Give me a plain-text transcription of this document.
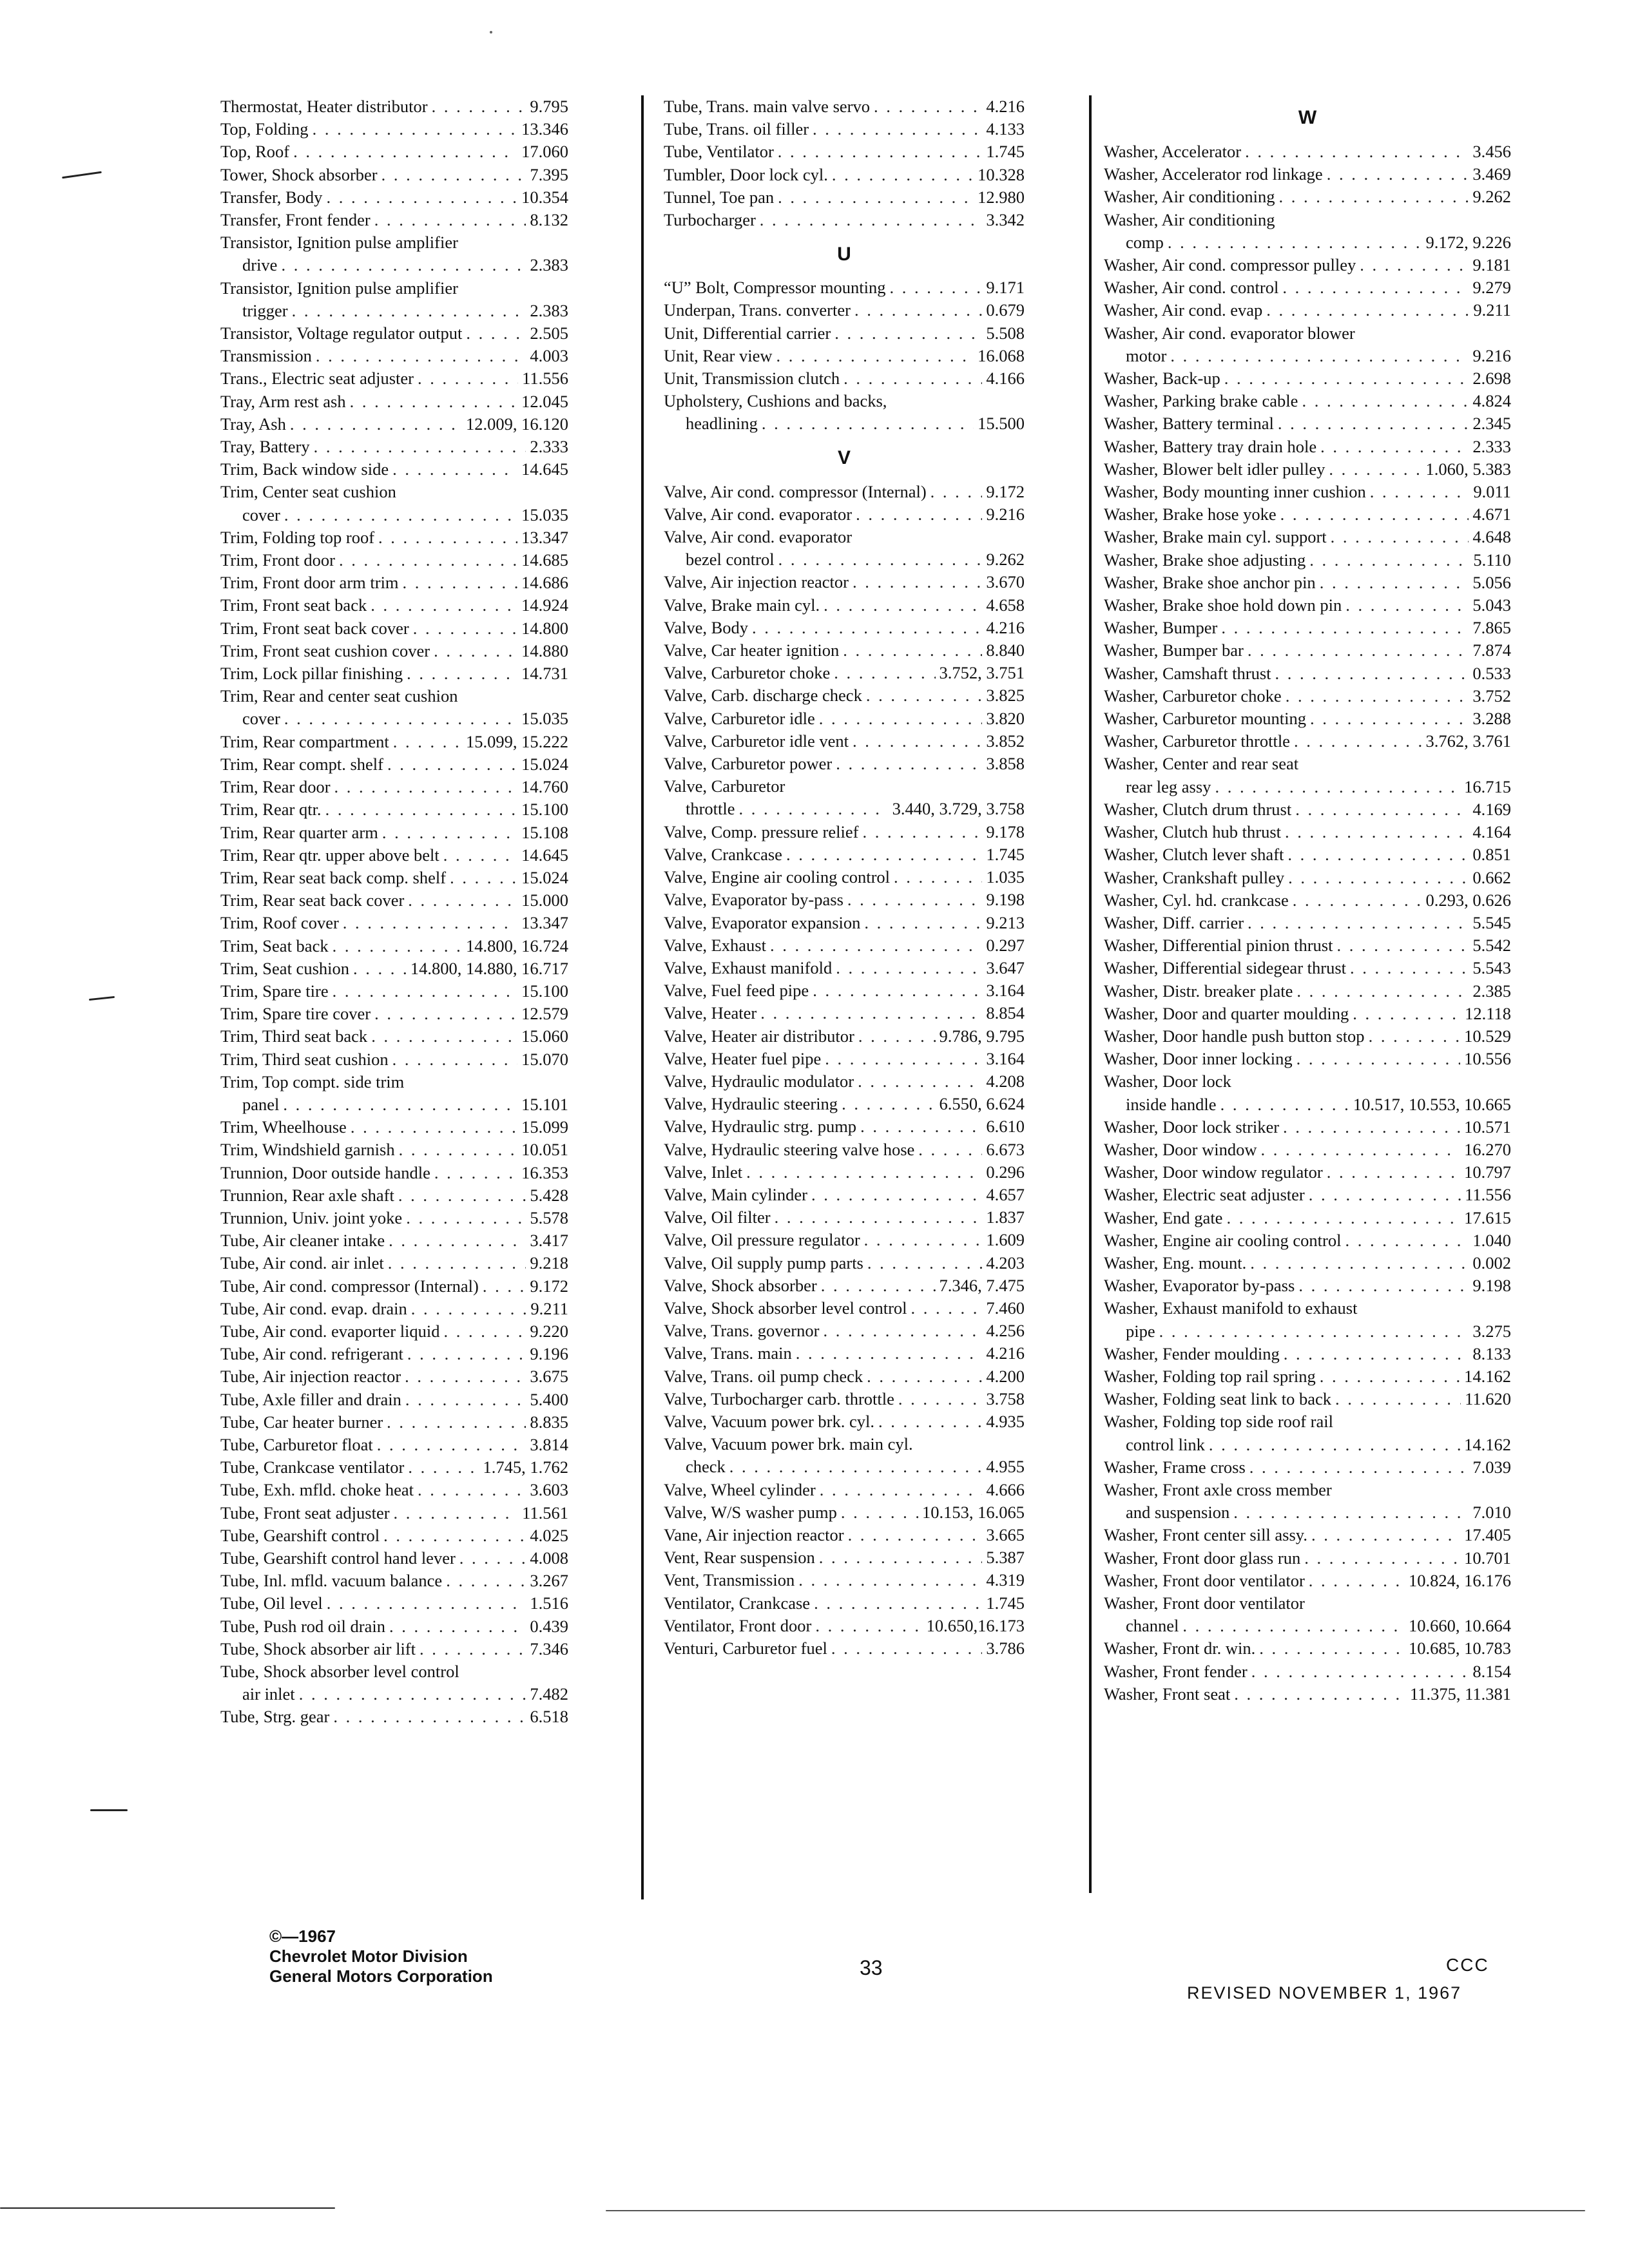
Thermostat, Heater distributor . . .	9.795
Top, Folding . . .	13.346
Top, Roof . . .	17.060
Tower, Shock absorber . . .	7.395
Transfer, Body . . .	10.354
Transfer, Front fender . . .	8.132
Transistor, Ignition pulse amplifier
drive . . .	2.383
Transistor, Ignition pulse amplifier
trigger . . .	2.383
Transistor, Voltage regulator output . . .	2.505
Transmission . . .	4.003
Trans., Electric seat adjuster . . .	11.556
Tray, Arm rest ash . . .	12.045
Tray, Ash . . .	12.009, 16.120
Tray, Battery . . .	2.333
Trim, Back window side . . .	14.645
Trim, Center seat cushion
cover . . .	15.035
Trim, Folding top roof . . .	13.347
Trim, Front door . . .	14.685
Trim, Front door arm trim . . .	14.686
Trim, Front seat back . . .	14.924
Trim, Front seat back cover . . .	14.800
Trim, Front seat cushion cover . . .	14.880
Trim, Lock pillar finishing . . .	14.731
Trim, Rear and center seat cushion
cover . . .	15.035
Trim, Rear compartment . . .	15.099, 15.222
Trim, Rear compt. shelf . . .	15.024
Trim, Rear door . . .	14.760
Trim, Rear qtr. . . .	15.100
Trim, Rear quarter arm . . .	15.108
Trim, Rear qtr. upper above belt . . .	14.645
Trim, Rear seat back comp. shelf . . .	15.024
Trim, Rear seat back cover . . .	15.000
Trim, Roof cover . . .	13.347
Trim, Seat back . . .	14.800, 16.724
Trim, Seat cushion . . .	14.800, 14.880, 16.717
Trim, Spare tire . . .	15.100
Trim, Spare tire cover . . .	12.579
Trim, Third seat back . . .	15.060
Trim, Third seat cushion . . .	15.070
Trim, Top compt. side trim
panel . . .	15.101
Trim, Wheelhouse . . .	15.099
Trim, Windshield garnish . . .	10.051
Trunnion, Door outside handle . . .	16.353
Trunnion, Rear axle shaft . . .	5.428
Trunnion, Univ. joint yoke . . .	5.578
Tube, Air cleaner intake . . .	3.417
Tube, Air cond. air inlet . . .	9.218
Tube, Air cond. compressor (Internal) . . .	9.172
Tube, Air cond. evap. drain . . .	9.211
Tube, Air cond. evaporter liquid . . .	9.220
Tube, Air cond. refrigerant . . .	9.196
Tube, Air injection reactor . . .	3.675
Tube, Axle filler and drain . . .	5.400
Tube, Car heater burner . . .	8.835
Tube, Carburetor float . . .	3.814
Tube, Crankcase ventilator . . .	1.745, 1.762
Tube, Exh. mfld. choke heat . . .	3.603
Tube, Front seat adjuster . . .	11.561
Tube, Gearshift control . . .	4.025
Tube, Gearshift control hand lever . . .	4.008
Tube, Inl. mfld. vacuum balance . . .	3.267
Tube, Oil level . . .	1.516
Tube, Push rod oil drain . . .	0.439
Tube, Shock absorber air lift . . .	7.346
Tube, Shock absorber level control
air inlet . . .	7.482
Tube, Strg. gear . . .	6.518
Tube, Trans. main valve servo . . .	4.216
Tube, Trans. oil filler . . .	4.133
Tube, Ventilator . . .	1.745
Tumbler, Door lock cyl. . . .	10.328
Tunnel, Toe pan . . .	12.980
Turbocharger . . .	3.342
U
“U” Bolt, Compressor mounting . . .	9.171
Underpan, Trans. converter . . .	0.679
Unit, Differential carrier . . .	5.508
Unit, Rear view . . .	16.068
Unit, Transmission clutch . . .	4.166
Upholstery, Cushions and backs,
headlining . . .	15.500
V
Valve, Air cond. compressor (Internal) . . .	9.172
Valve, Air cond. evaporator . . .	9.216
Valve, Air cond. evaporator
bezel control . . .	9.262
Valve, Air injection reactor . . .	3.670
Valve, Brake main cyl. . . .	4.658
Valve, Body . . .	4.216
Valve, Car heater ignition . . .	8.840
Valve, Carburetor choke . . .	3.752, 3.751
Valve, Carb. discharge check . . .	3.825
Valve, Carburetor idle . . .	3.820
Valve, Carburetor idle vent . . .	3.852
Valve, Carburetor power . . .	3.858
Valve, Carburetor
throttle . . .	3.440, 3.729, 3.758
Valve, Comp. pressure relief . . .	9.178
Valve, Crankcase . . .	1.745
Valve, Engine air cooling control . . .	1.035
Valve, Evaporator by-pass . . .	9.198
Valve, Evaporator expansion . . .	9.213
Valve, Exhaust . . .	0.297
Valve, Exhaust manifold . . .	3.647
Valve, Fuel feed pipe . . .	3.164
Valve, Heater . . .	8.854
Valve, Heater air distributor . . .	9.786, 9.795
Valve, Heater fuel pipe . . .	3.164
Valve, Hydraulic modulator . . .	4.208
Valve, Hydraulic steering . . .	6.550, 6.624
Valve, Hydraulic strg. pump . . .	6.610
Valve, Hydraulic steering valve hose . . .	6.673
Valve, Inlet . . .	0.296
Valve, Main cylinder . . .	4.657
Valve, Oil filter . . .	1.837
Valve, Oil pressure regulator . . .	1.609
Valve, Oil supply pump parts . . .	4.203
Valve, Shock absorber . . .	7.346, 7.475
Valve, Shock absorber level control . . .	7.460
Valve, Trans. governor . . .	4.256
Valve, Trans. main . . .	4.216
Valve, Trans. oil pump check . . .	4.200
Valve, Turbocharger carb. throttle . . .	3.758
Valve, Vacuum power brk. cyl. . . .	4.935
Valve, Vacuum power brk. main cyl.
check . . .	4.955
Valve, Wheel cylinder . . .	4.666
Valve, W/S washer pump . . .	10.153, 16.065
Vane, Air injection reactor . . .	3.665
Vent, Rear suspension . . .	5.387
Vent, Transmission . . .	4.319
Ventilator, Crankcase . . .	1.745
Ventilator, Front door . . .	10.650,16.173
Venturi, Carburetor fuel . . .	3.786
W
Washer, Accelerator . . .	3.456
Washer, Accelerator rod linkage . . .	3.469
Washer, Air conditioning . . .	9.262
Washer, Air conditioning
comp . . .	9.172, 9.226
Washer, Air cond. compressor pulley . . .	9.181
Washer, Air cond. control . . .	9.279
Washer, Air cond. evap . . .	9.211
Washer, Air cond. evaporator blower
motor . . .	9.216
Washer, Back-up . . .	2.698
Washer, Parking brake cable . . .	4.824
Washer, Battery terminal . . .	2.345
Washer, Battery tray drain hole . . .	2.333
Washer, Blower belt idler pulley . . .	1.060, 5.383
Washer, Body mounting inner cushion . . .	9.011
Washer, Brake hose yoke . . .	4.671
Washer, Brake main cyl. support . . .	4.648
Washer, Brake shoe adjusting . . .	5.110
Washer, Brake shoe anchor pin . . .	5.056
Washer, Brake shoe hold down pin . . .	5.043
Washer, Bumper . . .	7.865
Washer, Bumper bar . . .	7.874
Washer, Camshaft thrust . . .	0.533
Washer, Carburetor choke . . .	3.752
Washer, Carburetor mounting . . .	3.288
Washer, Carburetor throttle . . .	3.762, 3.761
Washer, Center and rear seat
rear leg assy . . .	16.715
Washer, Clutch drum thrust . . .	4.169
Washer, Clutch hub thrust . . .	4.164
Washer, Clutch lever shaft . . .	0.851
Washer, Crankshaft pulley . . .	0.662
Washer, Cyl. hd. crankcase . . .	0.293, 0.626
Washer, Diff. carrier . . .	5.545
Washer, Differential pinion thrust . . .	5.542
Washer, Differential sidegear thrust . . .	5.543
Washer, Distr. breaker plate . . .	2.385
Washer, Door and quarter moulding . . .	12.118
Washer, Door handle push button stop . . .	10.529
Washer, Door inner locking . . .	10.556
Washer, Door lock
inside handle . . .	10.517, 10.553, 10.665
Washer, Door lock striker . . .	10.571
Washer, Door window . . .	16.270
Washer, Door window regulator . . .	10.797
Washer, Electric seat adjuster . . .	11.556
Washer, End gate . . .	17.615
Washer, Engine air cooling control . . .	1.040
Washer, Eng. mount. . . .	0.002
Washer, Evaporator by-pass . . .	9.198
Washer, Exhaust manifold to exhaust
pipe . . .	3.275
Washer, Fender moulding . . .	8.133
Washer, Folding top rail spring . . .	14.162
Washer, Folding seat link to back . . .	11.620
Washer, Folding top side roof rail
control link . . .	14.162
Washer, Frame cross . . .	7.039
Washer, Front axle cross member
and suspension . . .	7.010
Washer, Front center sill assy. . . .	17.405
Washer, Front door glass run . . .	10.701
Washer, Front door ventilator . . .	10.824, 16.176
Washer, Front door ventilator
channel . . .	10.660, 10.664
Washer, Front dr. win. . . .	10.685, 10.783
Washer, Front fender . . .	8.154
Washer, Front seat . . .	11.375, 11.381
©—1967
Chevrolet Motor Division
General Motors Corporation	33	CCC
REVISED NOVEMBER 1, 1967
